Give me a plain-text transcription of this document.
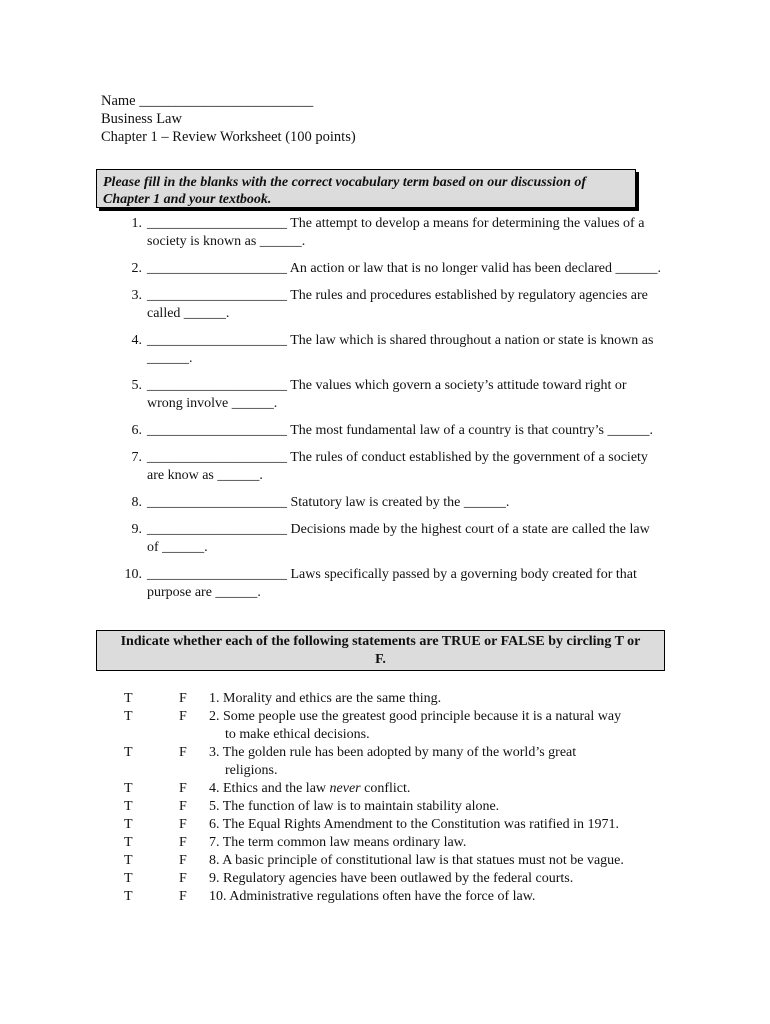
Name ________________________
Business Law
Chapter 1 – Review Worksheet (100 points)
Please fill in the blanks with the correct vocabulary term based on our discussion of Chapter 1 and your textbook.
1. ____________________ The attempt to develop a means for determining the values of a society is known as ______.
2. ____________________ An action or law that is no longer valid has been declared ______.
3. ____________________ The rules and procedures established by regulatory agencies are called ______.
4. ____________________ The law which is shared throughout a nation or state is known as ______.
5. ____________________ The values which govern a society’s attitude toward right or wrong involve ______.
6. ____________________ The most fundamental law of a country is that country’s ______.
7. ____________________ The rules of conduct established by the government of a society are know as ______.
8. ____________________ Statutory law is created by the ______.
9. ____________________ Decisions made by the highest court of a state are called the law of ______.
10. ____________________ Laws specifically passed by a governing body created for that purpose are ______.
Indicate whether each of the following statements are TRUE or FALSE by circling T or F.
T	F 1. Morality and ethics are the same thing.
T	F 2. Some people use the greatest good principle because it is a natural way
to make ethical decisions.
T	F 3. The golden rule has been adopted by many of the world’s great
religions.
T	F 4. Ethics and the law never conflict.
T	F 5. The function of law is to maintain stability alone.
T	F 6. The Equal Rights Amendment to the Constitution was ratified in 1971.
T	F 7. The term common law means ordinary law.
T	F 8. A basic principle of constitutional law is that statues must not be vague.
T	F 9. Regulatory agencies have been outlawed by the federal courts.
T	F 10. Administrative regulations often have the force of law.
